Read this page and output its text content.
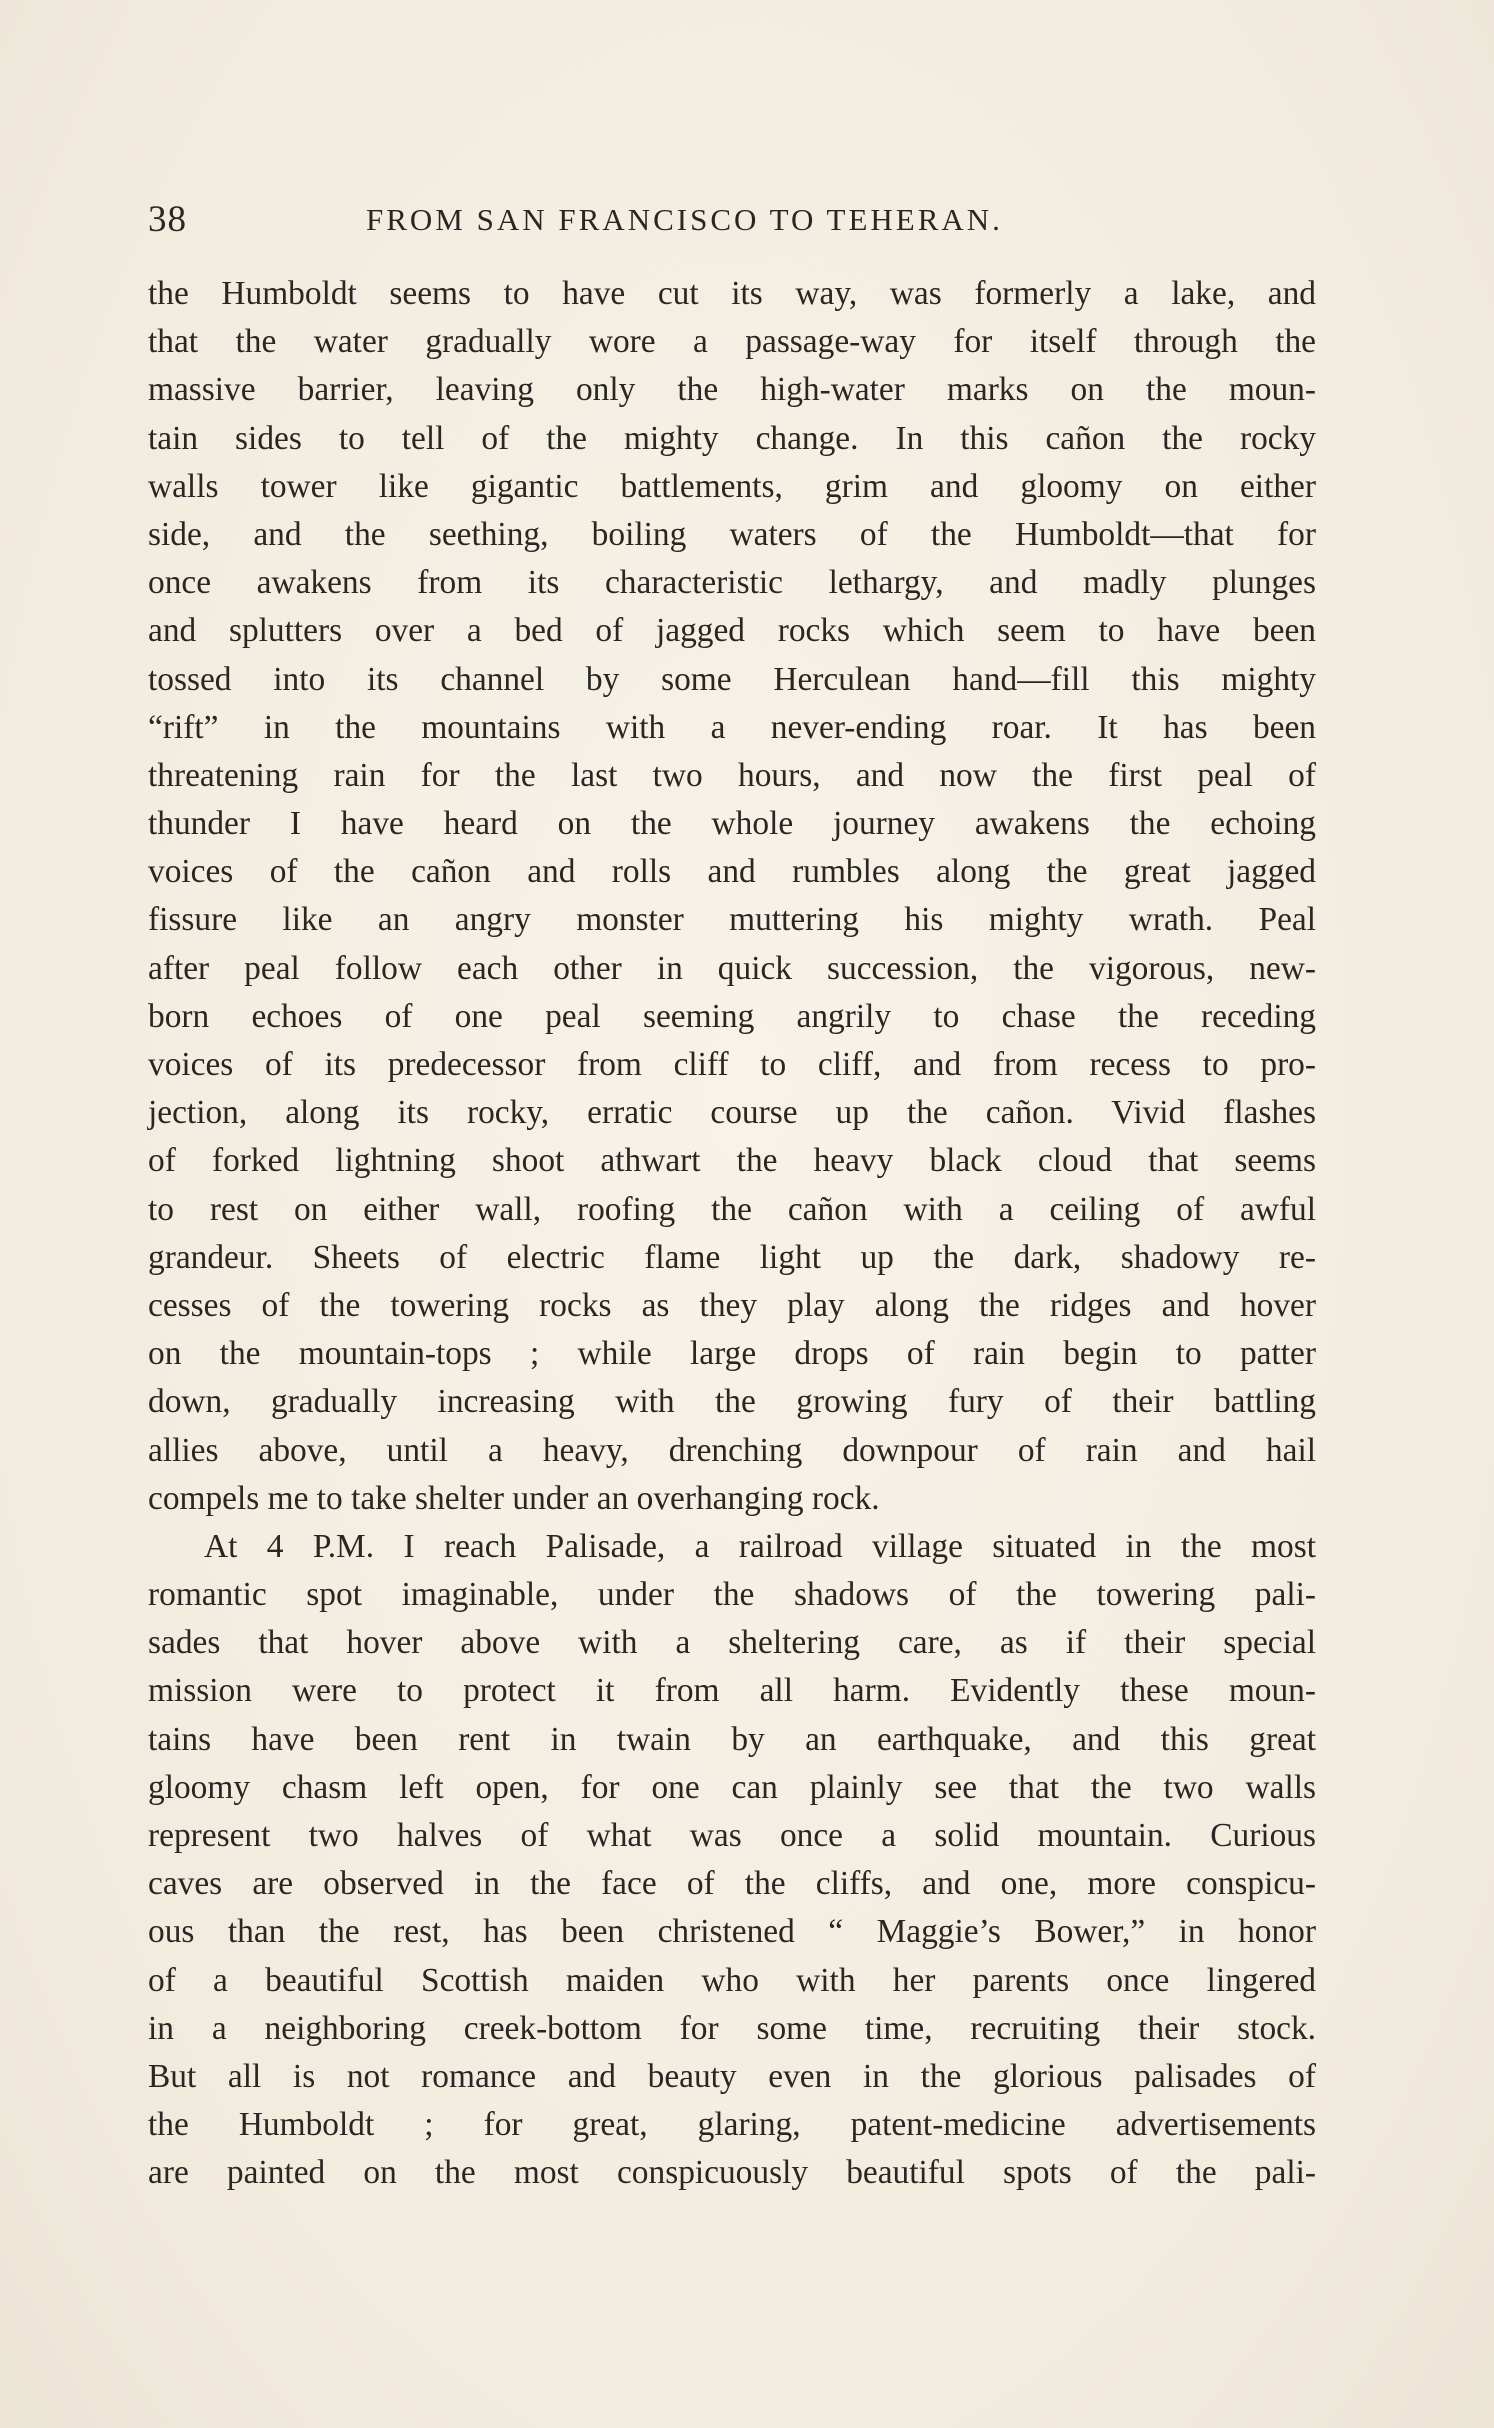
38	FROM SAN FRANCISCO TO TEHERAN.
the Humboldt seems to have cut its way, was formerly a lake, and
that the water gradually wore a passage-way for itself through the
massive barrier, leaving only the high-water marks on the moun-
tain sides to tell of the mighty change. In this cañon the rocky
walls tower like gigantic battlements, grim and gloomy on either
side, and the seething, boiling waters of the Humboldt—that for
once awakens from its characteristic lethargy, and madly plunges
and splutters over a bed of jagged rocks which seem to have been
tossed into its channel by some Herculean hand—fill this mighty
“rift” in the mountains with a never-ending roar. It has been
threatening rain for the last two hours, and now the first peal of
thunder I have heard on the whole journey awakens the echoing
voices of the cañon and rolls and rumbles along the great jagged
fissure like an angry monster muttering his mighty wrath. Peal
after peal follow each other in quick succession, the vigorous, new-
born echoes of one peal seeming angrily to chase the receding
voices of its predecessor from cliff to cliff, and from recess to pro-
jection, along its rocky, erratic course up the cañon. Vivid flashes
of forked lightning shoot athwart the heavy black cloud that seems
to rest on either wall, roofing the cañon with a ceiling of awful
grandeur. Sheets of electric flame light up the dark, shadowy re-
cesses of the towering rocks as they play along the ridges and hover
on the mountain-tops ; while large drops of rain begin to patter
down, gradually increasing with the growing fury of their battling
allies above, until a heavy, drenching downpour of rain and hail
compels me to take shelter under an overhanging rock.
At 4 P.M. I reach Palisade, a railroad village situated in the most
romantic spot imaginable, under the shadows of the towering pali-
sades that hover above with a sheltering care, as if their special
mission were to protect it from all harm. Evidently these moun-
tains have been rent in twain by an earthquake, and this great
gloomy chasm left open, for one can plainly see that the two walls
represent two halves of what was once a solid mountain. Curious
caves are observed in the face of the cliffs, and one, more conspicu-
ous than the rest, has been christened “ Maggie’s Bower,” in honor
of a beautiful Scottish maiden who with her parents once lingered
in a neighboring creek-bottom for some time, recruiting their stock.
But all is not romance and beauty even in the glorious palisades of
the Humboldt ; for great, glaring, patent-medicine advertisements
are painted on the most conspicuously beautiful spots of the pali-
